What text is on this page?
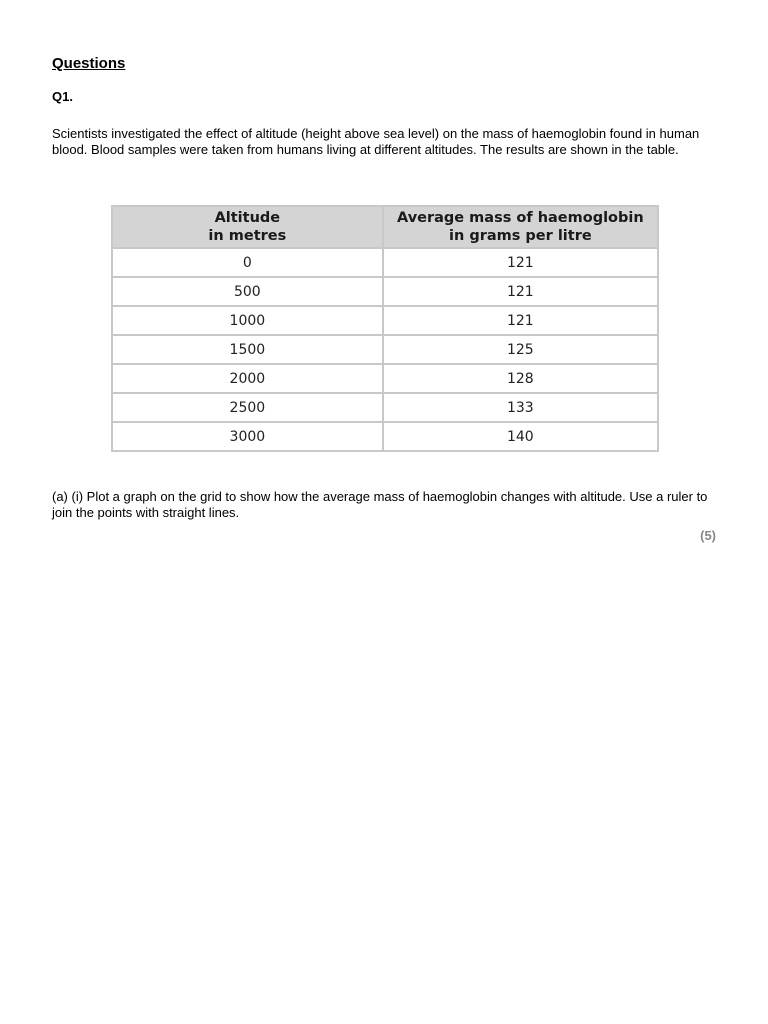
Questions
Q1.
Scientists investigated the effect of altitude (height above sea level) on the mass of haemoglobin found in human blood. Blood samples were taken from humans living at different altitudes. The results are shown in the table.
Altitude
in metres	Average mass of haemoglobin
in grams per litre

0	121
500	121
1000	121
1500	125
2000	128
2500	133
3000	140
(a) (i) Plot a graph on the grid to show how the average mass of haemoglobin changes with altitude. Use a ruler to join the points with straight lines.
(5)
